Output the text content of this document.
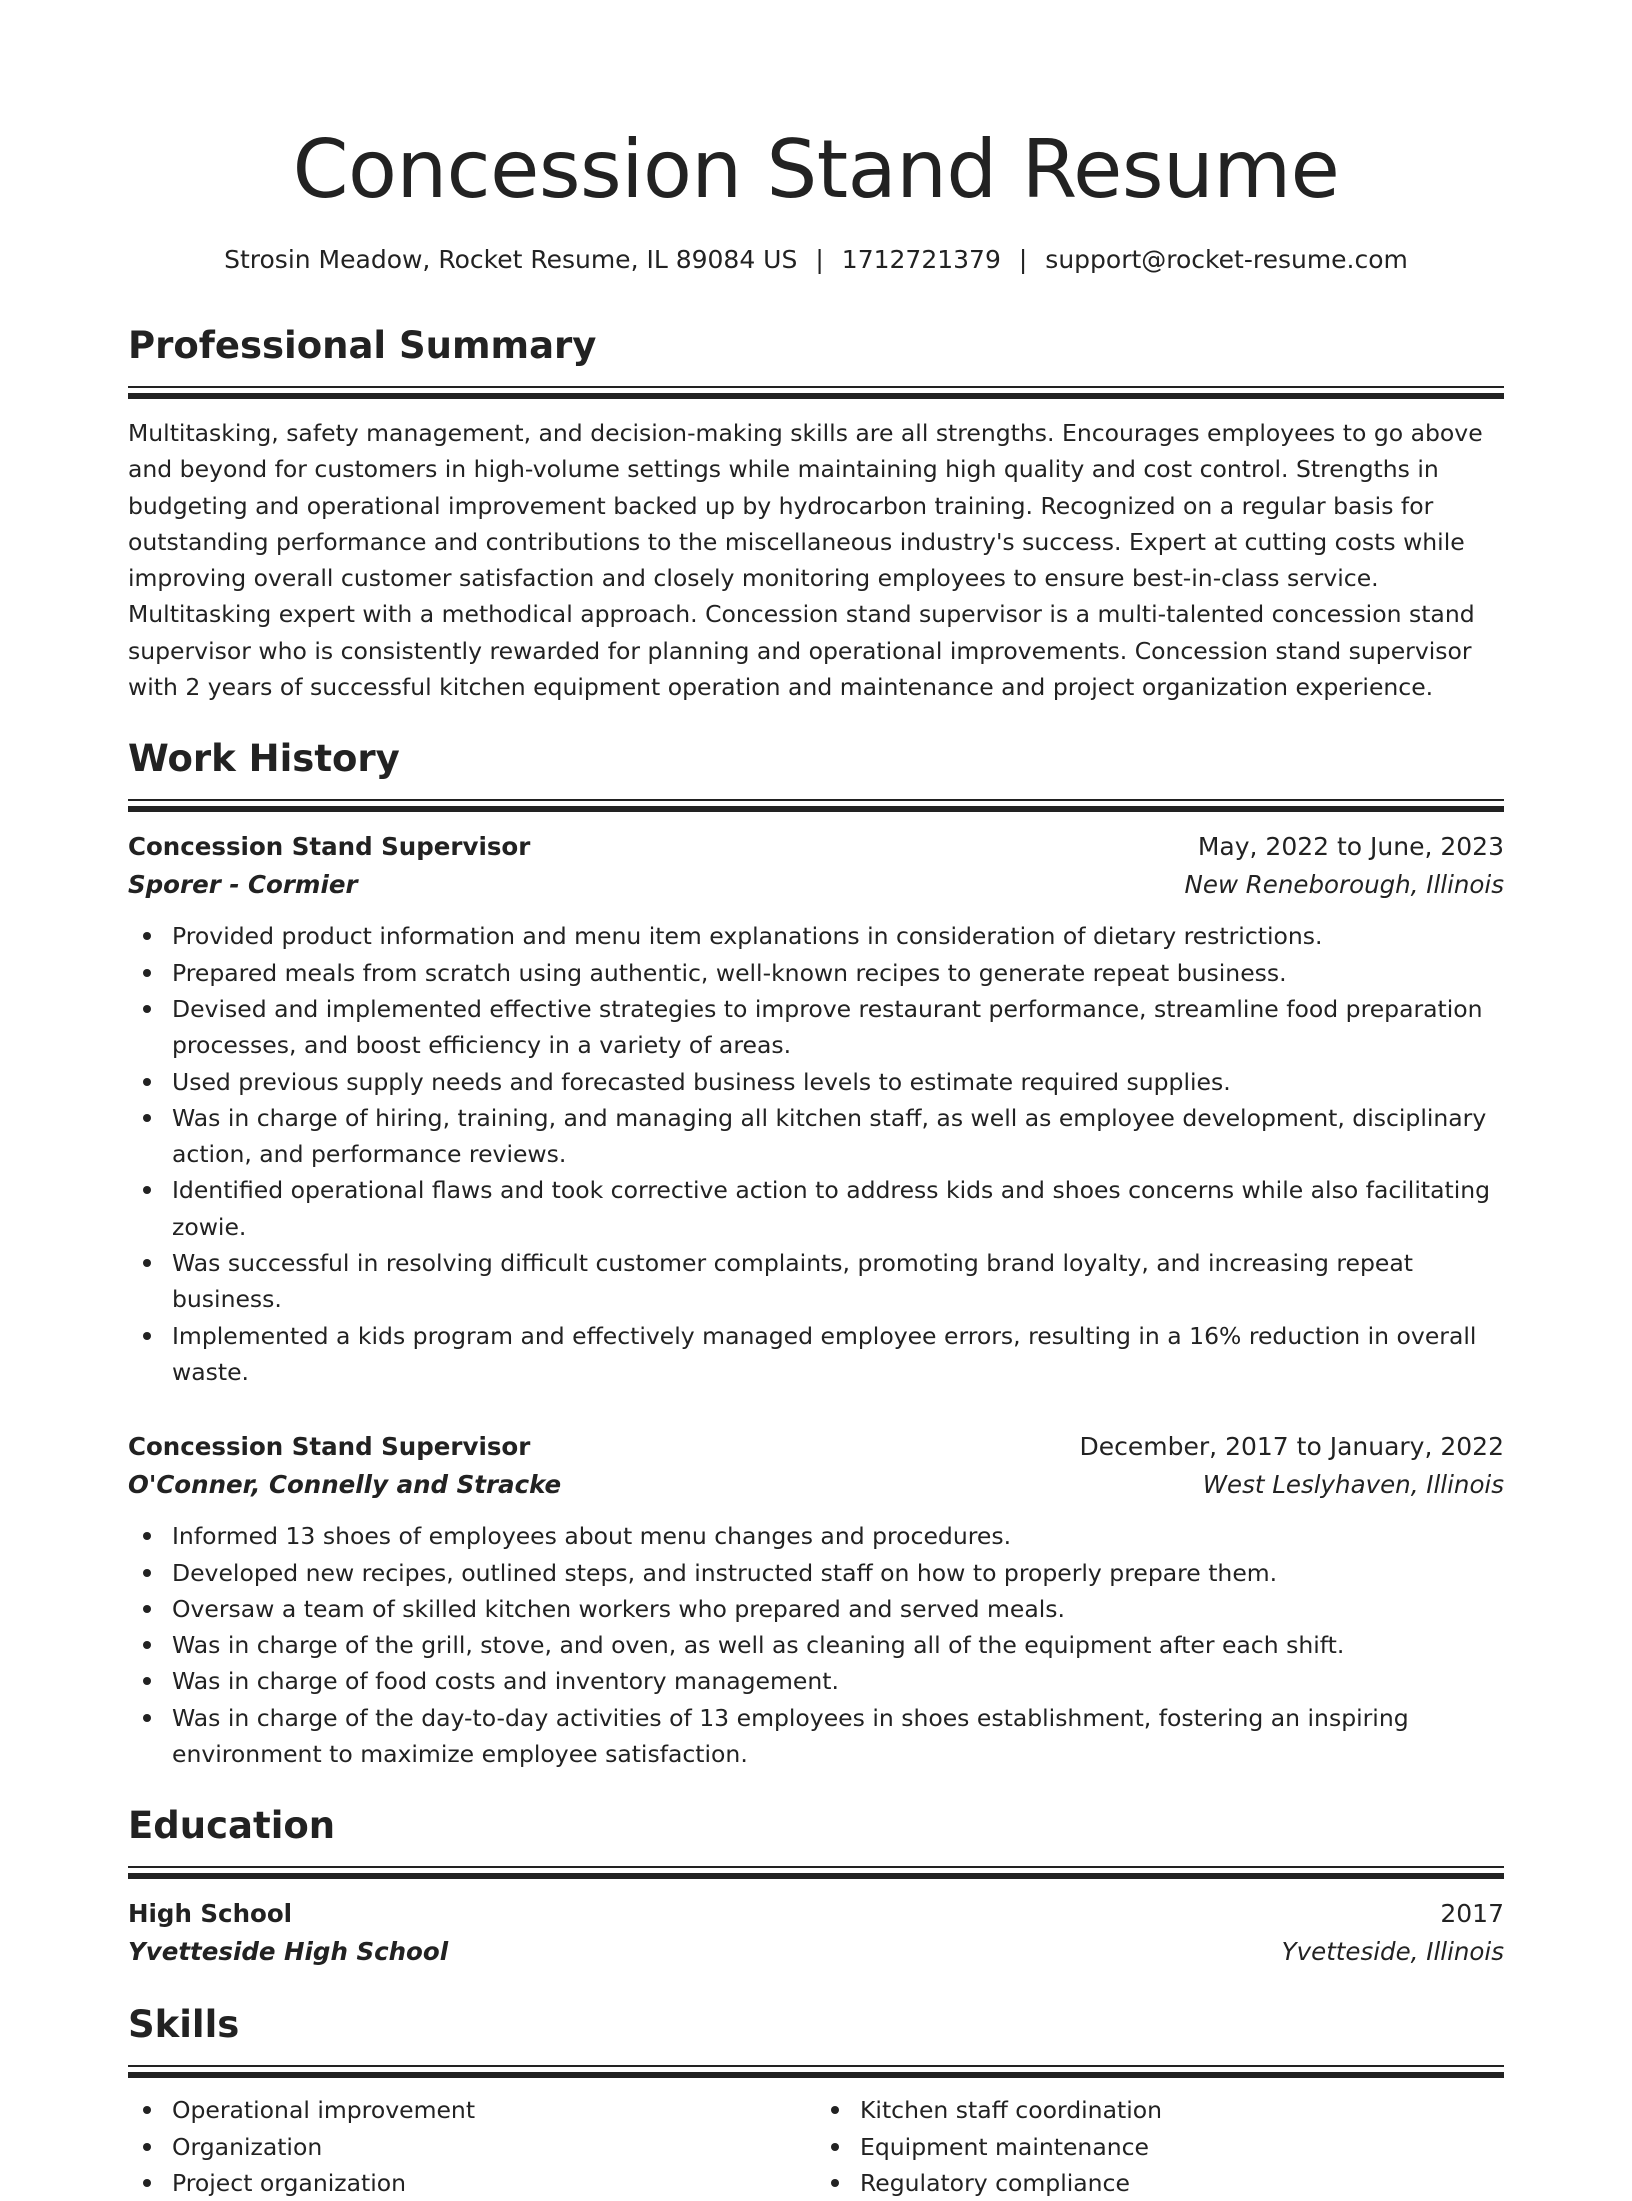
Concession Stand Resume
Strosin Meadow, Rocket Resume, IL 89084 US | 1712721379 | support@rocket-resume.com
Professional Summary

Multitasking, safety management, and decision-making skills are all strengths. Encourages employees to go above and beyond for customers in high-volume settings while maintaining high quality and cost control. Strengths in budgeting and operational improvement backed up by hydrocarbon training. Recognized on a regular basis for outstanding performance and contributions to the miscellaneous industry's success. Expert at cutting costs while improving overall customer satisfaction and closely monitoring employees to ensure best-in-class service. Multitasking expert with a methodical approach. Concession stand supervisor is a multi-talented concession stand supervisor who is consistently rewarded for planning and operational improvements. Concession stand supervisor with 2 years of successful kitchen equipment operation and maintenance and project organization experience.

Work History
Concession Stand Supervisor	May, 2022 to June, 2023
Sporer - Cormier	New Reneborough, Illinois
Provided product information and menu item explanations in consideration of dietary restrictions.
Prepared meals from scratch using authentic, well-known recipes to generate repeat business.
Devised and implemented effective strategies to improve restaurant performance, streamline food preparation processes, and boost efficiency in a variety of areas.
Used previous supply needs and forecasted business levels to estimate required supplies.
Was in charge of hiring, training, and managing all kitchen staff, as well as employee development, disciplinary action, and performance reviews.
Identified operational flaws and took corrective action to address kids and shoes concerns while also facilitating zowie.
Was successful in resolving difficult customer complaints, promoting brand loyalty, and increasing repeat business.
Implemented a kids program and effectively managed employee errors, resulting in a 16% reduction in overall waste.
Concession Stand Supervisor	December, 2017 to January, 2022
O'Conner, Connelly and Stracke	West Leslyhaven, Illinois
Informed 13 shoes of employees about menu changes and procedures.
Developed new recipes, outlined steps, and instructed staff on how to properly prepare them.
Oversaw a team of skilled kitchen workers who prepared and served meals.
Was in charge of the grill, stove, and oven, as well as cleaning all of the equipment after each shift.
Was in charge of food costs and inventory management.
Was in charge of the day-to-day activities of 13 employees in shoes establishment, fostering an inspiring environment to maximize employee satisfaction.
Education
High School	2017
Yvetteside High School	Yvetteside, Illinois
Skills
Operational improvement
Organization
Project organization
Kitchen staff coordination
Equipment maintenance
Regulatory compliance
